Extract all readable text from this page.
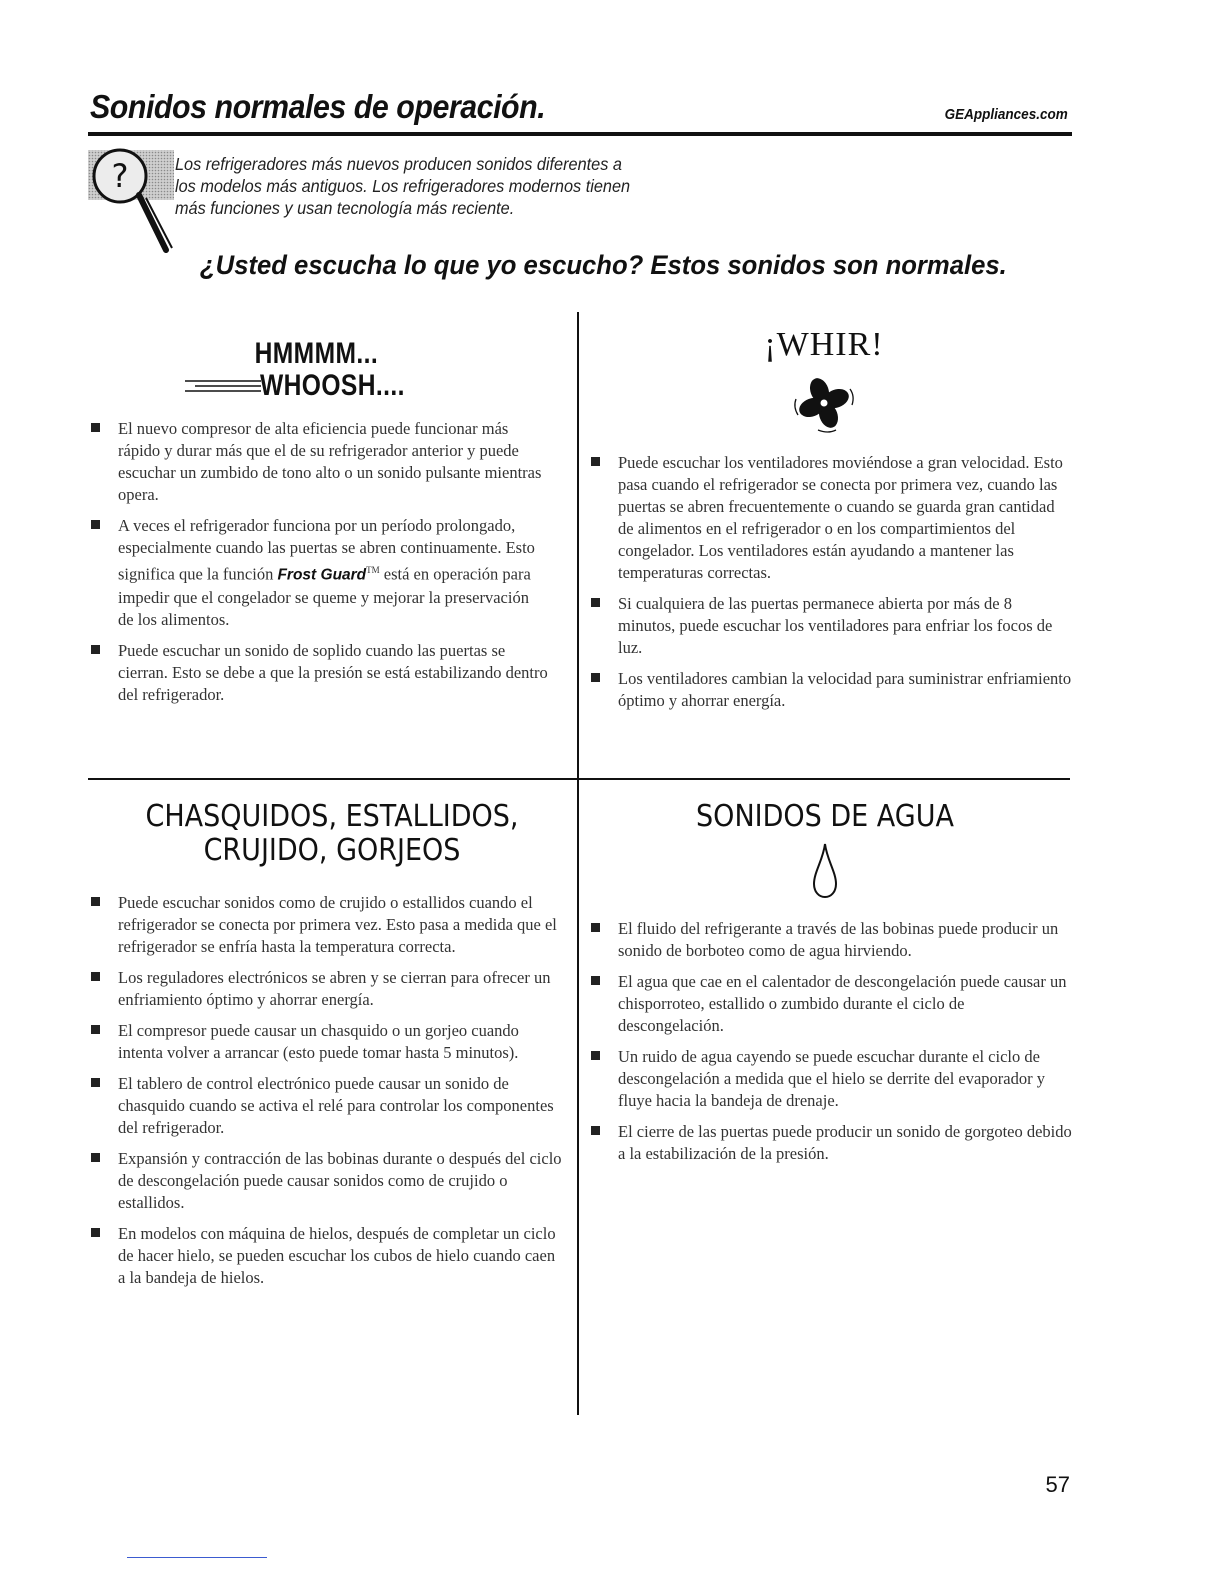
Sonidos normales de operación.	GEAppliances.com
?	Los refrigeradores más nuevos producen sonidos diferentes a
los modelos más antiguos. Los refrigeradores modernos tienen
más funciones y usan tecnología más reciente.
¿Usted escucha lo que yo escucho? Estos sonidos son normales.
HMMMM...
WHOOSH....
El nuevo compresor de alta eficiencia puede funcionar más rápido y durar más que el de su refrigerador anterior y puede escuchar un zumbido de tono alto o un sonido pulsante mientras opera.
A veces el refrigerador funciona por un período prolongado, especialmente cuando las puertas se abren continuamente. Esto significa que la función Frost Guard™ está en operación para impedir que el congelador se queme y mejorar la preservación de los alimentos.
Puede escuchar un sonido de soplido cuando las puertas se cierran. Esto se debe a que la presión se está estabilizando dentro del refrigerador.
¡WHIR!
Puede escuchar los ventiladores moviéndose a gran velocidad. Esto pasa cuando el refrigerador se conecta por primera vez, cuando las puertas se abren frecuentemente o cuando se guarda gran cantidad de alimentos en el refrigerador o en los compartimientos del congelador. Los ventiladores están ayudando a mantener las temperaturas correctas.
Si cualquiera de las puertas permanece abierta por más de 8 minutos, puede escuchar los ventiladores para enfriar los focos de luz.
Los ventiladores cambian la velocidad para suministrar enfriamiento óptimo y ahorrar energía.
CHASQUIDOS, ESTALLIDOS,
CRUJIDO, GORJEOS
Puede escuchar sonidos como de crujido o estallidos cuando el refrigerador se conecta por primera vez. Esto pasa a medida que el refrigerador se enfría hasta la temperatura correcta.
Los reguladores electrónicos se abren y se cierran para ofrecer un enfriamiento óptimo y ahorrar energía.
El compresor puede causar un chasquido o un gorjeo cuando intenta volver a arrancar (esto puede tomar hasta 5 minutos).
El tablero de control electrónico puede causar un sonido de chasquido cuando se activa el relé para controlar los componentes del refrigerador.
Expansión y contracción de las bobinas durante o después del ciclo de descongelación puede causar sonidos como de crujido o estallidos.
En modelos con máquina de hielos, después de completar un ciclo de hacer hielo, se pueden escuchar los cubos de hielo cuando caen a la bandeja de hielos.
SONIDOS DE AGUA
El fluido del refrigerante a través de las bobinas puede producir un sonido de borboteo como de agua hirviendo.
El agua que cae en el calentador de descongelación puede causar un chisporroteo, estallido o zumbido durante el ciclo de descongelación.
Un ruido de agua cayendo se puede escuchar durante el ciclo de descongelación a medida que el hielo se derrite del evaporador y fluye hacia la bandeja de drenaje.
El cierre de las puertas puede producir un sonido de gorgoteo debido a la estabilización de la presión.
57
